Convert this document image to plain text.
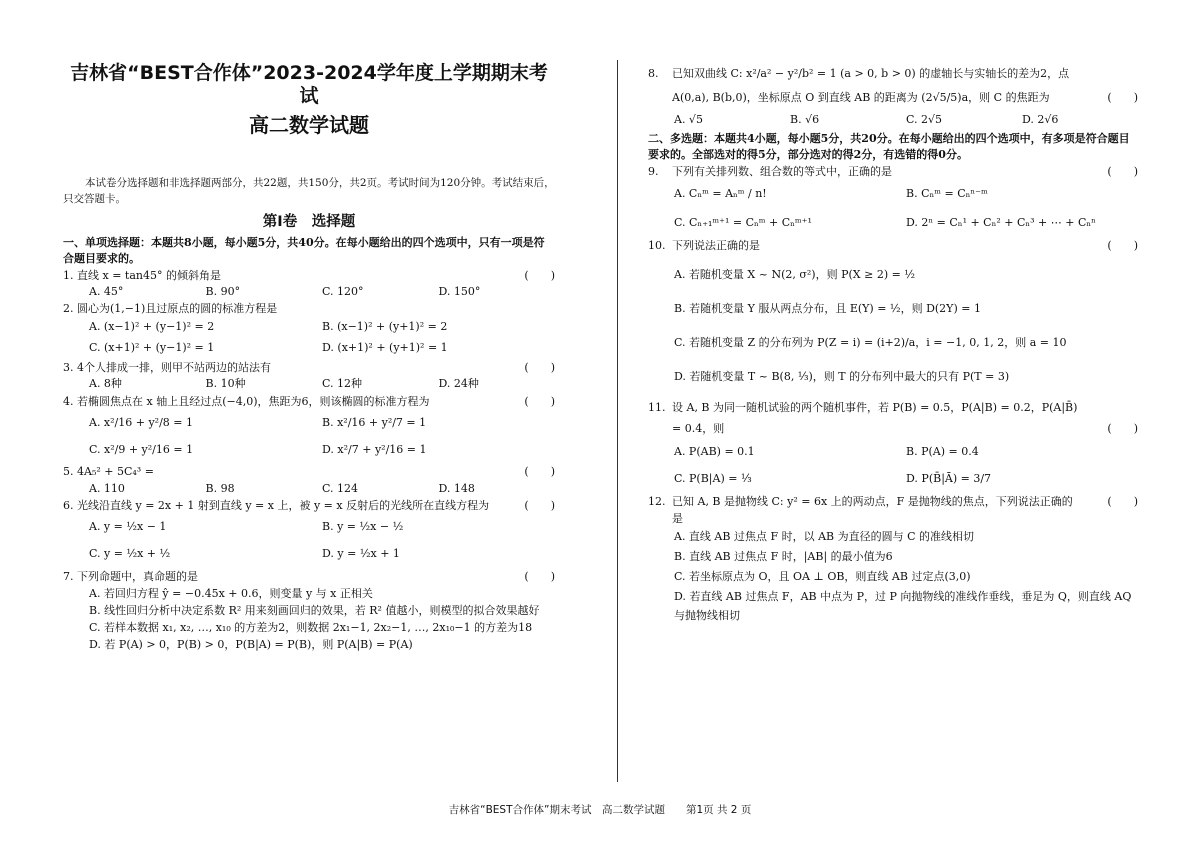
吉林省“BEST合作体”2023-2024学年度上学期期末考试
高二数学试题
本试卷分选择题和非选择题两部分，共22题，共150分，共2页。考试时间为120分钟。考试结束后，只交答题卡。
第Ⅰ卷　选择题
一、单项选择题：本题共8小题，每小题5分，共40分。在每小题给出的四个选项中，只有一项是符合题目要求的。
1. 直线 x = tan45° 的倾斜角是	(　　)
A. 45°	B. 90°	C. 120°	D. 150°
2. 圆心为(1,−1)且过原点的圆的标准方程是
A. (x−1)² + (y−1)² = 2	B. (x−1)² + (y+1)² = 2
C. (x+1)² + (y−1)² = 1	D. (x+1)² + (y+1)² = 1
3. 4个人排成一排，则甲不站两边的站法有	(　　)
A. 8种	B. 10种	C. 12种	D. 24种
4. 若椭圆焦点在 x 轴上且经过点(−4,0)，焦距为6，则该椭圆的标准方程为	(　　)
A. x²/16 + y²/8 = 1	B. x²/16 + y²/7 = 1
C. x²/9 + y²/16 = 1	D. x²/7 + y²/16 = 1
5. 4A₅² + 5C₄³ =	(　　)
A. 110	B. 98	C. 124	D. 148
6. 光线沿直线 y = 2x + 1 射到直线 y = x 上，被 y = x 反射后的光线所在直线方程为	(　　)
A. y = ½x − 1	B. y = ½x − ½
C. y = ½x + ½	D. y = ½x + 1
7. 下列命题中，真命题的是	(　　)
A. 若回归方程 ŷ = −0.45x + 0.6，则变量 y 与 x 正相关
B. 线性回归分析中决定系数 R² 用来刻画回归的效果，若 R² 值越小，则模型的拟合效果越好
C. 若样本数据 x₁, x₂, …, x₁₀ 的方差为2，则数据 2x₁−1, 2x₂−1, …, 2x₁₀−1 的方差为18
D. 若 P(A) > 0，P(B) > 0，P(B|A) = P(B)，则 P(A|B) = P(A)
8. 已知双曲线 C: x²/a² − y²/b² = 1 (a > 0, b > 0) 的虚轴长与实轴长的差为2，点 A(0,a), B(b,0)，坐标原点 O 到直线 AB 的距离为 (2√5/5)a，则 C 的焦距为	(　　)
A. √5	B. √6	C. 2√5	D. 2√6
二、多选题：本题共4小题，每小题5分，共20分。在每小题给出的四个选项中，有多项是符合题目要求的。全部选对的得5分，部分选对的得2分，有选错的得0分。
9. 下列有关排列数、组合数的等式中，正确的是	(　　)
A. Cₙᵐ = Aₙᵐ / n!	B. Cₙᵐ = Cₙⁿ⁻ᵐ
C. Cₙ₊₁ᵐ⁺¹ = Cₙᵐ + Cₙᵐ⁺¹	D. 2ⁿ = Cₙ¹ + Cₙ² + Cₙ³ + ⋯ + Cₙⁿ
10. 下列说法正确的是	(　　)
A. 若随机变量 X ~ N(2, σ²)，则 P(X ≥ 2) = ½
B. 若随机变量 Y 服从两点分布，且 E(Y) = ½，则 D(2Y) = 1
C. 若随机变量 Z 的分布列为 P(Z = i) = (i+2)/a，i = −1, 0, 1, 2，则 a = 10
D. 若随机变量 T ~ B(8, ⅓)，则 T 的分布列中最大的只有 P(T = 3)
11. 设 A, B 为同一随机试验的两个随机事件，若 P(B) = 0.5，P(A|B) = 0.2，P(A|B̄) = 0.4，则	(　　)
A. P(AB) = 0.1	B. P(A) = 0.4
C. P(B|A) = ⅓	D. P(B̄|Ā) = 3/7
12. 已知 A, B 是抛物线 C: y² = 6x 上的两动点，F 是抛物线的焦点，下列说法正确的是
(　　)
A. 直线 AB 过焦点 F 时，以 AB 为直径的圆与 C 的准线相切
B. 直线 AB 过焦点 F 时，|AB| 的最小值为6
C. 若坐标原点为 O，且 OA ⊥ OB，则直线 AB 过定点(3,0)
D. 若直线 AB 过焦点 F，AB 中点为 P，过 P 向抛物线的准线作垂线，垂足为 Q，则直线 AQ 与抛物线相切
吉林省“BEST合作体”期末考试　高二数学试题　　第1页 共 2 页
